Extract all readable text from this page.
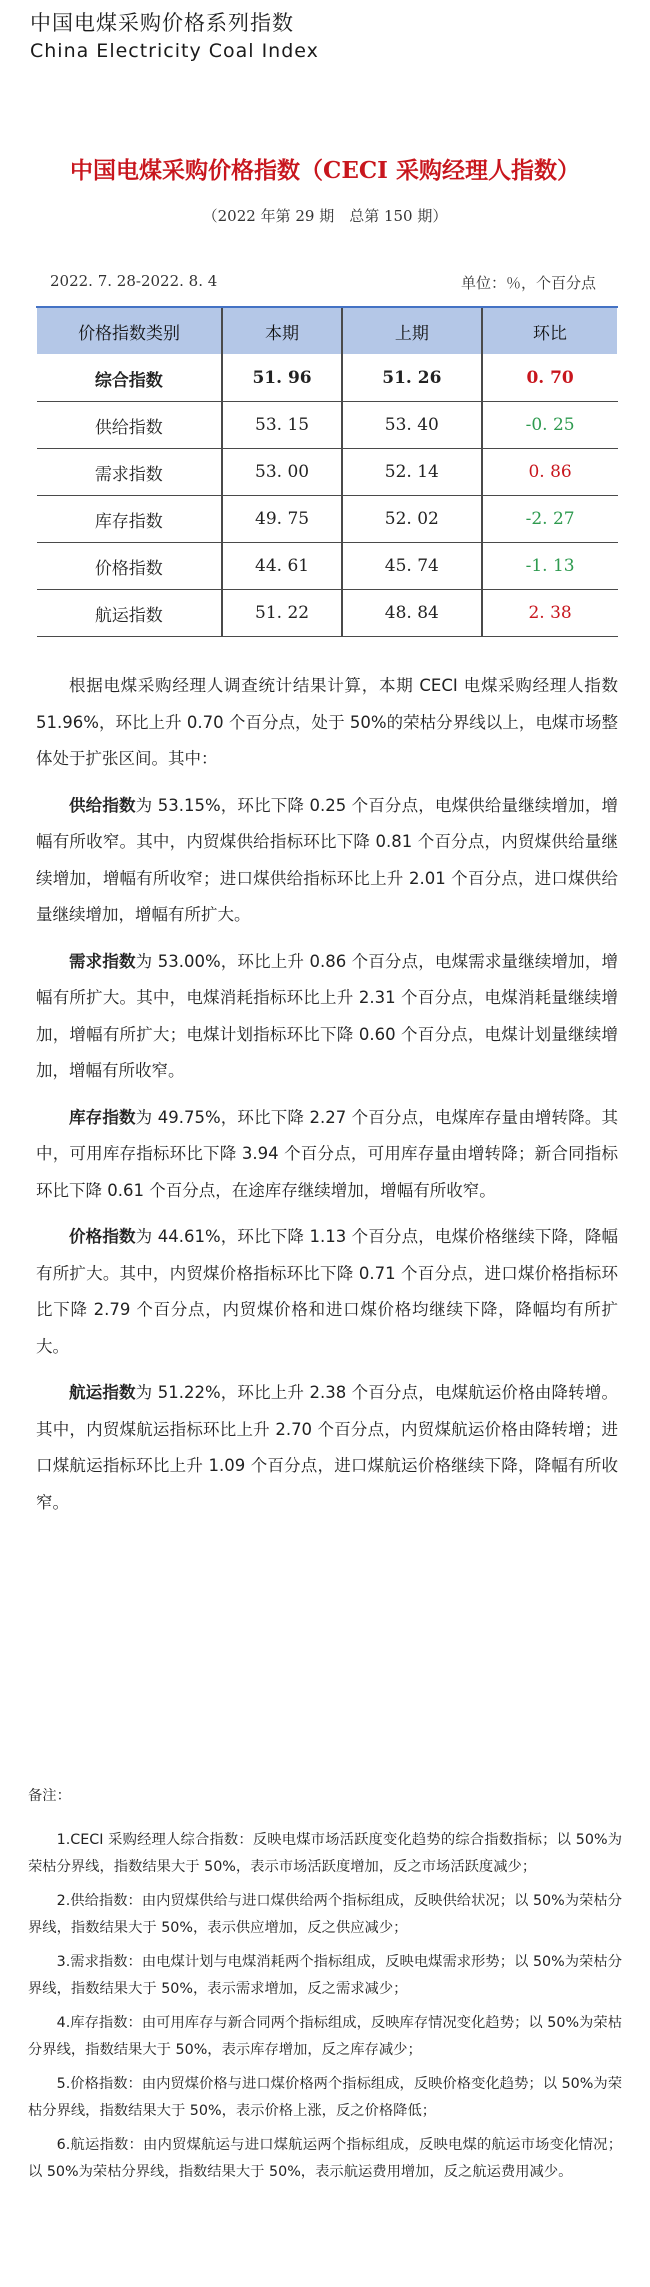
中国电煤采购价格系列指数
China Electricity Coal Index
中国电煤采购价格指数（CECI 采购经理人指数）
（2022 年第 29 期　总第 150 期）
2022. 7. 28-2022. 8. 4	单位：％，个百分点
价格指数类别	本期	上期	环比
综合指数	51. 96	51. 26	0. 70
供给指数	53. 15	53. 40	-0. 25
需求指数	53. 00	52. 14	0. 86
库存指数	49. 75	52. 02	-2. 27
价格指数	44. 61	45. 74	-1. 13
航运指数	51. 22	48. 84	2. 38

根据电煤采购经理人调查统计结果计算，本期 CECI 电煤采购经理人指数 51.96%，环比上升 0.70 个百分点，处于 50%的荣枯分界线以上，电煤市场整体处于扩张区间。其中：

供给指数为 53.15%，环比下降 0.25 个百分点，电煤供给量继续增加，增幅有所收窄。其中，内贸煤供给指标环比下降 0.81 个百分点，内贸煤供给量继续增加，增幅有所收窄；进口煤供给指标环比上升 2.01 个百分点，进口煤供给量继续增加，增幅有所扩大。

需求指数为 53.00%，环比上升 0.86 个百分点，电煤需求量继续增加，增幅有所扩大。其中，电煤消耗指标环比上升 2.31 个百分点，电煤消耗量继续增加，增幅有所扩大；电煤计划指标环比下降 0.60 个百分点，电煤计划量继续增加，增幅有所收窄。

库存指数为 49.75%，环比下降 2.27 个百分点，电煤库存量由增转降。其中，可用库存指标环比下降 3.94 个百分点，可用库存量由增转降；新合同指标环比下降 0.61 个百分点，在途库存继续增加，增幅有所收窄。

价格指数为 44.61%，环比下降 1.13 个百分点，电煤价格继续下降，降幅有所扩大。其中，内贸煤价格指标环比下降 0.71 个百分点，进口煤价格指标环比下降 2.79 个百分点，内贸煤价格和进口煤价格均继续下降，降幅均有所扩大。

航运指数为 51.22%，环比上升 2.38 个百分点，电煤航运价格由降转增。其中，内贸煤航运指标环比上升 2.70 个百分点，内贸煤航运价格由降转增；进口煤航运指标环比上升 1.09 个百分点，进口煤航运价格继续下降，降幅有所收窄。

备注：

1.CECI 采购经理人综合指数：反映电煤市场活跃度变化趋势的综合指数指标；以 50%为荣枯分界线，指数结果大于 50%，表示市场活跃度增加，反之市场活跃度减少；

2.供给指数：由内贸煤供给与进口煤供给两个指标组成，反映供给状况；以 50%为荣枯分界线，指数结果大于 50%，表示供应增加，反之供应减少；

3.需求指数：由电煤计划与电煤消耗两个指标组成，反映电煤需求形势；以 50%为荣枯分界线，指数结果大于 50%，表示需求增加，反之需求减少；

4.库存指数：由可用库存与新合同两个指标组成，反映库存情况变化趋势；以 50%为荣枯分界线，指数结果大于 50%，表示库存增加，反之库存减少；

5.价格指数：由内贸煤价格与进口煤价格两个指标组成，反映价格变化趋势；以 50%为荣枯分界线，指数结果大于 50%，表示价格上涨，反之价格降低；

6.航运指数：由内贸煤航运与进口煤航运两个指标组成，反映电煤的航运市场变化情况；以 50%为荣枯分界线，指数结果大于 50%，表示航运费用增加，反之航运费用减少。
